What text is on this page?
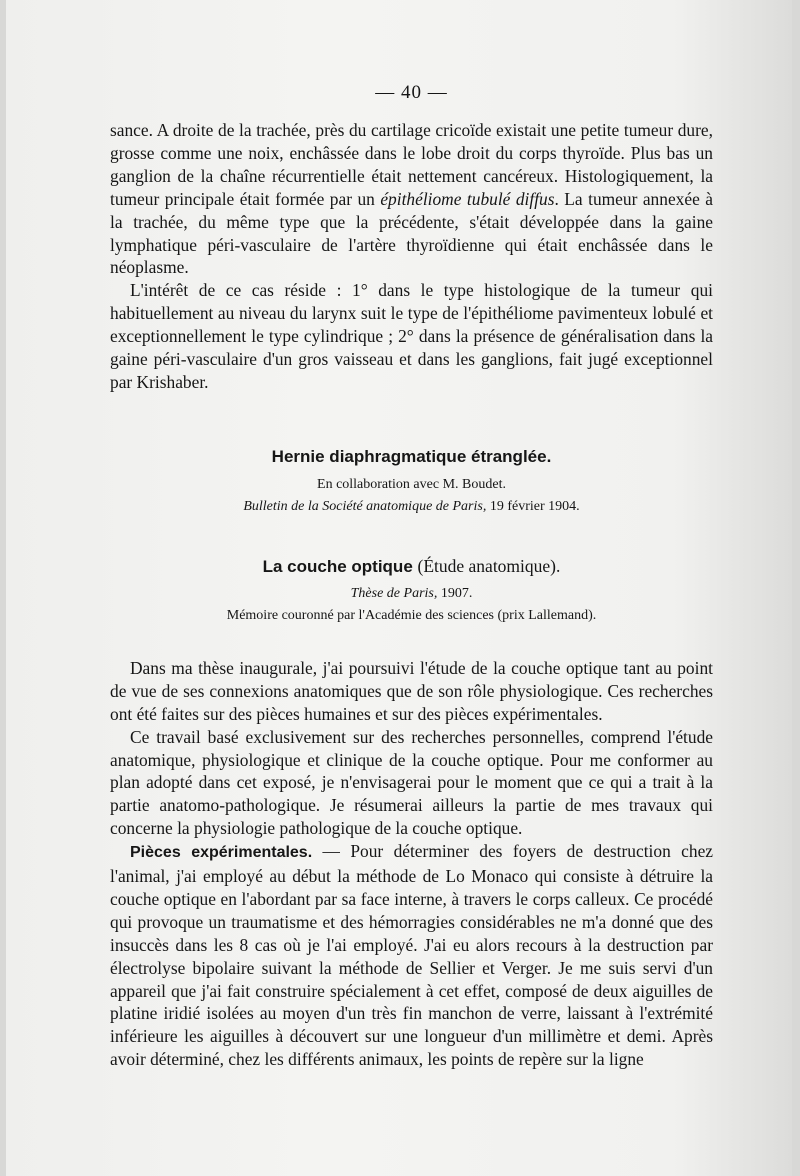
— 40 —

sance. A droite de la trachée, près du cartilage cricoïde existait une petite tumeur dure, grosse comme une noix, enchâssée dans le lobe droit du corps thyroïde. Plus bas un ganglion de la chaîne récurrentielle était nettement cancéreux. Histologiquement, la tumeur principale était formée par un épithéliome tubulé diffus. La tumeur annexée à la trachée, du même type que la précédente, s'était développée dans la gaine lymphatique péri-vasculaire de l'artère thyroïdienne qui était enchâssée dans le néoplasme.

L'intérêt de ce cas réside : 1° dans le type histologique de la tumeur qui habituellement au niveau du larynx suit le type de l'épithéliome pavimenteux lobulé et exceptionnellement le type cylindrique ; 2° dans la présence de généralisation dans la gaine péri-vasculaire d'un gros vaisseau et dans les ganglions, fait jugé exceptionnel par Krishaber.

Hernie diaphragmatique étranglée.
En collaboration avec M. Boudet.
Bulletin de la Société anatomique de Paris, 19 février 1904.
La couche optique (Étude anatomique).
Thèse de Paris, 1907.
Mémoire couronné par l'Académie des sciences (prix Lallemand).

Dans ma thèse inaugurale, j'ai poursuivi l'étude de la couche optique tant au point de vue de ses connexions anatomiques que de son rôle physiologique. Ces recherches ont été faites sur des pièces humaines et sur des pièces expérimentales.

Ce travail basé exclusivement sur des recherches personnelles, comprend l'étude anatomique, physiologique et clinique de la couche optique. Pour me conformer au plan adopté dans cet exposé, je n'envisagerai pour le moment que ce qui a trait à la partie anatomo-pathologique. Je résumerai ailleurs la partie de mes travaux qui concerne la physiologie pathologique de la couche optique.

Pièces expérimentales. — Pour déterminer des foyers de destruction chez l'animal, j'ai employé au début la méthode de Lo Monaco qui consiste à détruire la couche optique en l'abordant par sa face interne, à travers le corps calleux. Ce procédé qui provoque un traumatisme et des hémorragies considérables ne m'a donné que des insuccès dans les 8 cas où je l'ai employé. J'ai eu alors recours à la destruction par électrolyse bipolaire suivant la méthode de Sellier et Verger. Je me suis servi d'un appareil que j'ai fait construire spécialement à cet effet, composé de deux aiguilles de platine iridié isolées au moyen d'un très fin manchon de verre, laissant à l'extrémité inférieure les aiguilles à découvert sur une longueur d'un millimètre et demi. Après avoir déterminé, chez les différents animaux, les points de repère sur la ligne
